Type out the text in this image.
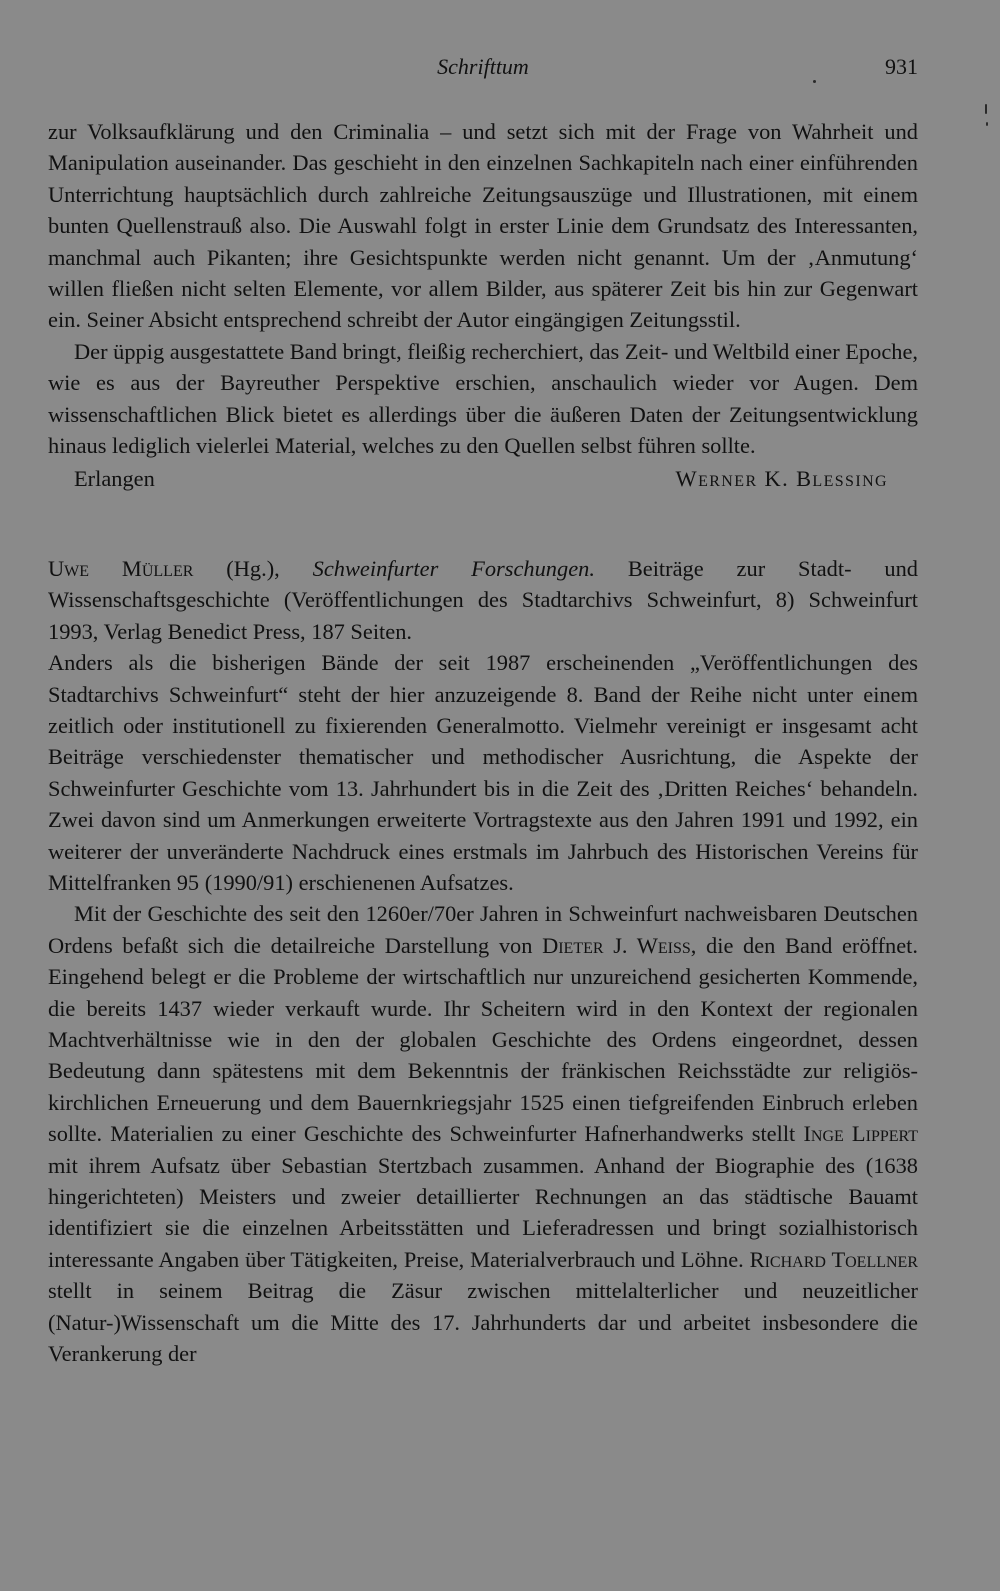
Schrifttum	931

zur Volksaufklärung und den Criminalia – und setzt sich mit der Frage von Wahrheit und Manipulation auseinander. Das geschieht in den einzelnen Sachkapiteln nach einer einführenden Unterrichtung hauptsächlich durch zahlreiche Zeitungsauszüge und Illustrationen, mit einem bunten Quellenstrauß also. Die Auswahl folgt in erster Linie dem Grundsatz des Interessanten, manchmal auch Pikanten; ihre Gesichtspunkte werden nicht genannt. Um der ‚Anmutung‘ willen fließen nicht selten Elemente, vor allem Bilder, aus späterer Zeit bis hin zur Gegenwart ein. Seiner Absicht entsprechend schreibt der Autor eingängigen Zeitungsstil.

Der üppig ausgestattete Band bringt, fleißig recherchiert, das Zeit- und Weltbild einer Epoche, wie es aus der Bayreuther Perspektive erschien, anschaulich wieder vor Augen. Dem wissenschaftlichen Blick bietet es allerdings über die äußeren Daten der Zeitungsentwicklung hinaus lediglich vielerlei Material, welches zu den Quellen selbst führen sollte.

Erlangen	Werner K. Blessing

Uwe Müller (Hg.), Schweinfurter Forschungen. Beiträge zur Stadt- und Wissenschaftsgeschichte (Veröffentlichungen des Stadtarchivs Schweinfurt, 8) Schweinfurt 1993, Verlag Benedict Press, 187 Seiten.

Anders als die bisherigen Bände der seit 1987 erscheinenden „Veröffentlichungen des Stadtarchivs Schweinfurt“ steht der hier anzuzeigende 8. Band der Reihe nicht unter einem zeitlich oder institutionell zu fixierenden Generalmotto. Vielmehr vereinigt er insgesamt acht Beiträge verschiedenster thematischer und methodischer Ausrichtung, die Aspekte der Schweinfurter Geschichte vom 13. Jahrhundert bis in die Zeit des ‚Dritten Reiches‘ behandeln. Zwei davon sind um Anmerkungen erweiterte Vortragstexte aus den Jahren 1991 und 1992, ein weiterer der unveränderte Nachdruck eines erstmals im Jahrbuch des Historischen Vereins für Mittelfranken 95 (1990/91) erschienenen Aufsatzes.

Mit der Geschichte des seit den 1260er/70er Jahren in Schweinfurt nachweisbaren Deutschen Ordens befaßt sich die detailreiche Darstellung von Dieter J. Weiss, die den Band eröffnet. Eingehend belegt er die Probleme der wirtschaftlich nur unzureichend gesicherten Kommende, die bereits 1437 wieder verkauft wurde. Ihr Scheitern wird in den Kontext der regionalen Machtverhältnisse wie in den der globalen Geschichte des Ordens eingeordnet, dessen Bedeutung dann spätestens mit dem Bekenntnis der fränkischen Reichsstädte zur religiös-kirchlichen Erneuerung und dem Bauernkriegsjahr 1525 einen tiefgreifenden Einbruch erleben sollte. Materialien zu einer Geschichte des Schweinfurter Hafnerhandwerks stellt Inge Lippert mit ihrem Aufsatz über Sebastian Stertzbach zusammen. Anhand der Biographie des (1638 hingerichteten) Meisters und zweier detaillierter Rechnungen an das städtische Bauamt identifiziert sie die einzelnen Arbeitsstätten und Lieferadressen und bringt sozialhistorisch interessante Angaben über Tätigkeiten, Preise, Materialverbrauch und Löhne. Richard Toellner stellt in seinem Beitrag die Zäsur zwischen mittelalterlicher und neuzeitlicher (Natur-)Wissenschaft um die Mitte des 17. Jahrhunderts dar und arbeitet insbesondere die Verankerung der
